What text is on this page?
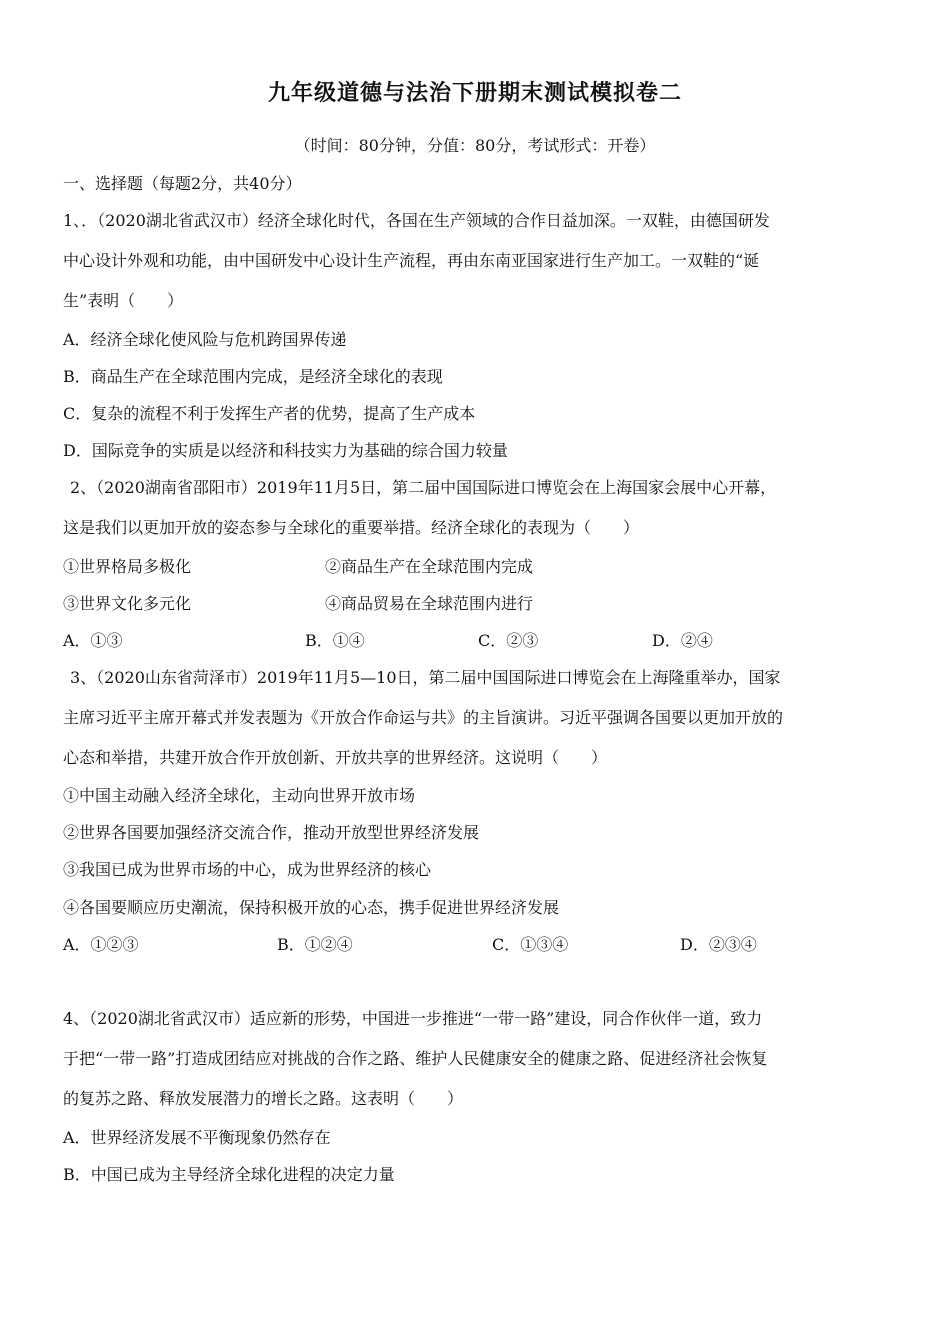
九年级道德与法治下册期末测试模拟卷二
（时间：80分钟，分值：80分，考试形式：开卷）
一、选择题（每题2分，共40分）
1、．（2020湖北省武汉市）经济全球化时代，各国在生产领域的合作日益加深。一双鞋，由德国研发
中心设计外观和功能，由中国研发中心设计生产流程，再由东南亚国家进行生产加工。一双鞋的“诞
生”表明（　　）
A．经济全球化使风险与危机跨国界传递
B．商品生产在全球范围内完成，是经济全球化的表现
C．复杂的流程不利于发挥生产者的优势，提高了生产成本
D．国际竞争的实质是以经济和科技实力为基础的综合国力较量
2、（2020湖南省邵阳市）2019年11月5日，第二届中国国际进口博览会在上海国家会展中心开幕，
这是我们以更加开放的姿态参与全球化的重要举措。经济全球化的表现为（　　）
①世界格局多极化	②商品生产在全球范围内完成
③世界文化多元化	④商品贸易在全球范围内进行
A．①③	B．①④	C．②③	D．②④
3、（2020山东省菏泽市）2019年11月5—10日，第二届中国国际进口博览会在上海隆重举办，国家
主席习近平主席开幕式并发表题为《开放合作命运与共》的主旨演讲。习近平强调各国要以更加开放的
心态和举措，共建开放合作开放创新、开放共享的世界经济。这说明（　　）
①中国主动融入经济全球化，主动向世界开放市场
②世界各国要加强经济交流合作，推动开放型世界经济发展
③我国已成为世界市场的中心，成为世界经济的核心
④各国要顺应历史潮流，保持积极开放的心态，携手促进世界经济发展
A．①②③	B．①②④	C．①③④	D．②③④
4、（2020湖北省武汉市）适应新的形势，中国进一步推进“一带一路”建设，同合作伙伴一道，致力
于把“一带一路”打造成团结应对挑战的合作之路、维护人民健康安全的健康之路、促进经济社会恢复
的复苏之路、释放发展潜力的增长之路。这表明（　　）
A．世界经济发展不平衡现象仍然存在
B．中国已成为主导经济全球化进程的决定力量
